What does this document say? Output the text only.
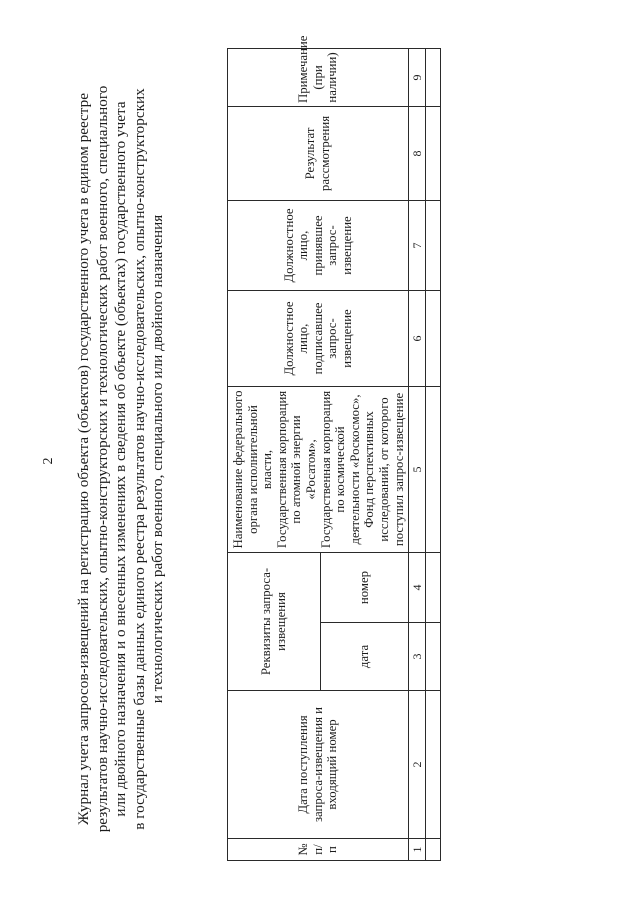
2 Журнал учета запросов-извещений на регистрацию объекта (объектов) государственного учета в едином реестре результатов научно-исследовательских, опытно-конструкторских и технологических работ военного, специального или двойного назначения и о внесенных изменениях в сведения об объекте (объектах) государственного учета в государственные базы данных единого реестра результатов научно-исследовательских, опытно-конструкторских и технологических работ военного, специального или двойного назначения
№ п/п	Дата поступления запроса-извещения и входящий номер	Реквизиты запроса-извещения		Наименование федерального органа исполнительной власти, Государственная корпорация по атомной энергии «Росатом», Государственная корпорация по космической деятельности «Роскосмос», Фонд перспективных исследований, от которого поступил запрос-извещение	Должностное лицо, подписавшее запрос-извещение	Должностное лицо, принявшее запрос-извещение	Результат рассмотрения	Примечание (при наличии)
		дата	номер					
1	2	3	4	5	6	7	8	9
